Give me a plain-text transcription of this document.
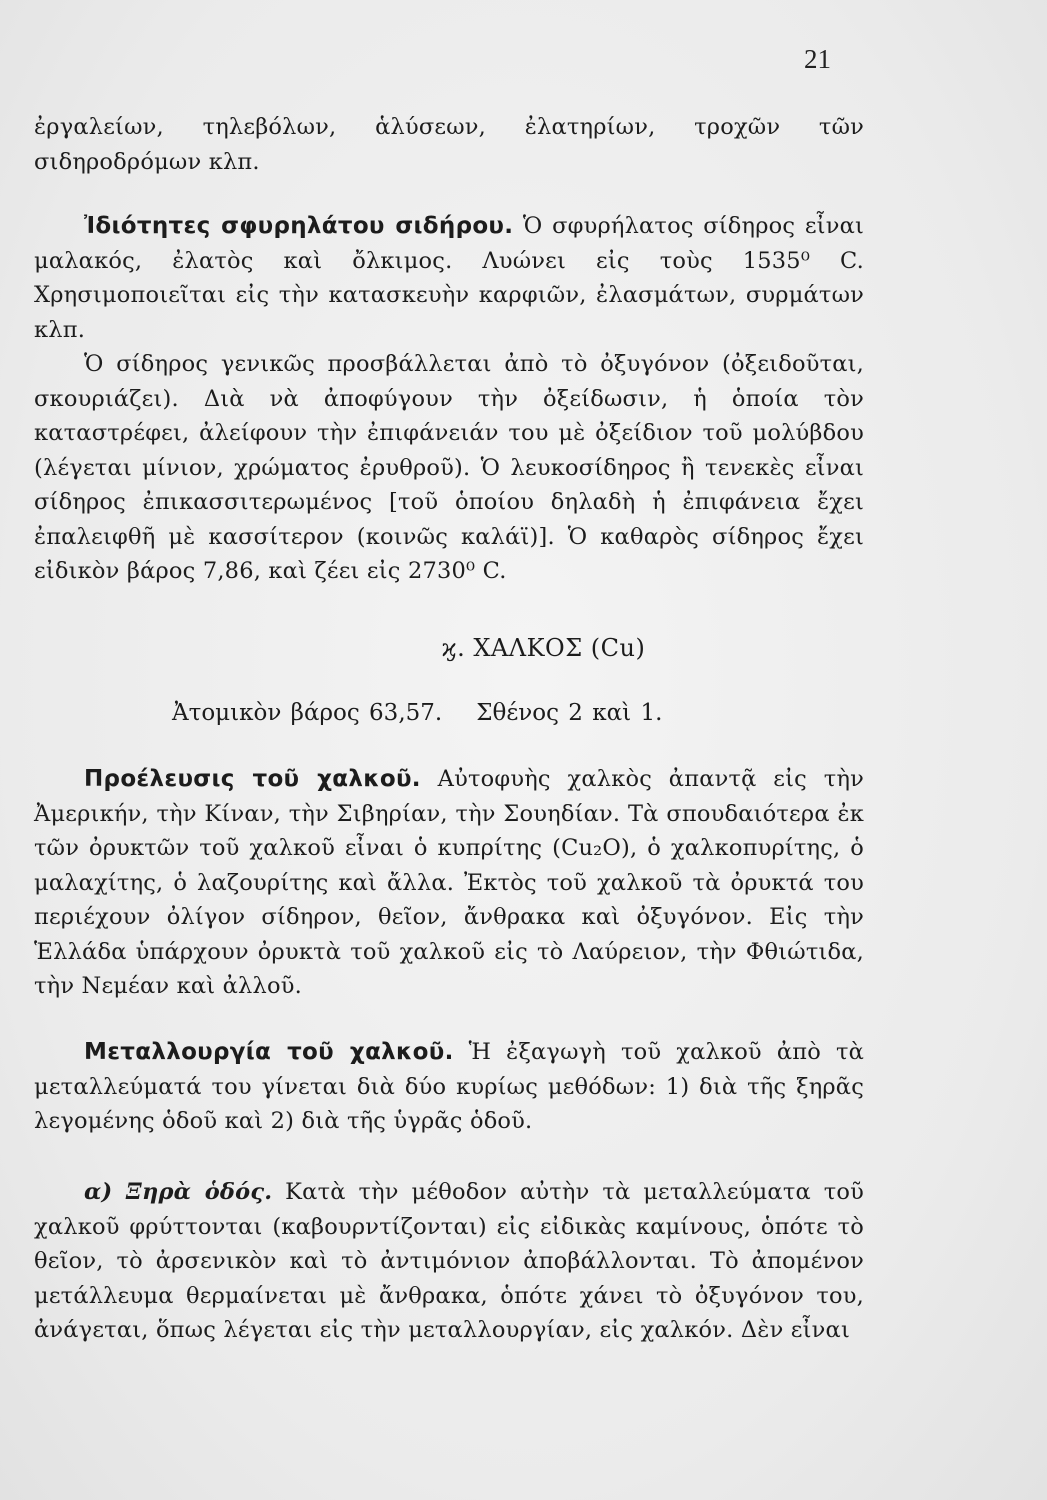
21

ἐργαλείων, τηλεβόλων, ἁλύσεων, ἐλατηρίων, τροχῶν τῶν σιδηροδρόμων κλπ.

Ἰδιότητες σφυρηλάτου σιδήρου. Ὁ σφυρήλατος σίδηρος εἶναι μαλακός, ἐλατὸς καὶ ὄλκιμος. Λυώνει εἰς τοὺς 1535⁰ C. Χρησιμοποιεῖται εἰς τὴν κατασκευὴν καρφιῶν, ἐλασμάτων, συρμάτων κλπ.

Ὁ σίδηρος γενικῶς προσβάλλεται ἀπὸ τὸ ὀξυγόνον (ὀξειδοῦται, σκουριάζει). Διὰ νὰ ἀποφύγουν τὴν ὀξείδωσιν, ἡ ὁποία τὸν καταστρέφει, ἀλείφουν τὴν ἐπιφάνειάν του μὲ ὀξείδιον τοῦ μολύβδου (λέγεται μίνιον, χρώματος ἐρυθροῦ). Ὁ λευκοσίδηρος ἢ τενεκὲς εἶναι σίδηρος ἐπικασσιτερωμένος [τοῦ ὁποίου δηλαδὴ ἡ ἐπιφάνεια ἔχει ἐπαλειφθῆ μὲ κασσίτερον (κοινῶς καλάϊ)]. Ὁ καθαρὸς σίδηρος ἔχει εἰδικὸν βάρος 7,86, καὶ ζέει εἰς 2730⁰ C.

ϗ. ΧΑΛΚΟΣ (Cu)
Ἀτομικὸν βάρος 63,57. Σθένος 2 καὶ 1.

Προέλευσις τοῦ χαλκοῦ. Αὐτοφυὴς χαλκὸς ἀπαντᾷ εἰς τὴν Ἀμερικήν, τὴν Κίναν, τὴν Σιβηρίαν, τὴν Σουηδίαν. Τὰ σπουδαιότερα ἐκ τῶν ὀρυκτῶν τοῦ χαλκοῦ εἶναι ὁ κυπρίτης (Cu₂O), ὁ χαλκοπυρίτης, ὁ μαλαχίτης, ὁ λαζουρίτης καὶ ἄλλα. Ἐκτὸς τοῦ χαλκοῦ τὰ ὀρυκτά του περιέχουν ὀλίγον σίδηρον, θεῖον, ἄνθρακα καὶ ὀξυγόνον. Εἰς τὴν Ἑλλάδα ὑπάρχουν ὀρυκτὰ τοῦ χαλκοῦ εἰς τὸ Λαύρειον, τὴν Φθιώτιδα, τὴν Νεμέαν καὶ ἀλλοῦ.

Μεταλλουργία τοῦ χαλκοῦ. Ἡ ἐξαγωγὴ τοῦ χαλκοῦ ἀπὸ τὰ μεταλλεύματά του γίνεται διὰ δύο κυρίως μεθόδων: 1) διὰ τῆς ξηρᾶς λεγομένης ὁδοῦ καὶ 2) διὰ τῆς ὑγρᾶς ὁδοῦ.

α) Ξηρὰ ὁδός. Κατὰ τὴν μέθοδον αὐτὴν τὰ μεταλλεύματα τοῦ χαλκοῦ φρύττονται (καβουρντίζονται) εἰς εἰδικὰς καμίνους, ὁπότε τὸ θεῖον, τὸ ἀρσενικὸν καὶ τὸ ἀντιμόνιον ἀποβάλλονται. Τὸ ἀπομένον μετάλλευμα θερμαίνεται μὲ ἄνθρακα, ὁπότε χάνει τὸ ὀξυγόνον του, ἀνάγεται, ὅπως λέγεται εἰς τὴν μεταλλουργίαν, εἰς χαλκόν. Δὲν εἶναι
